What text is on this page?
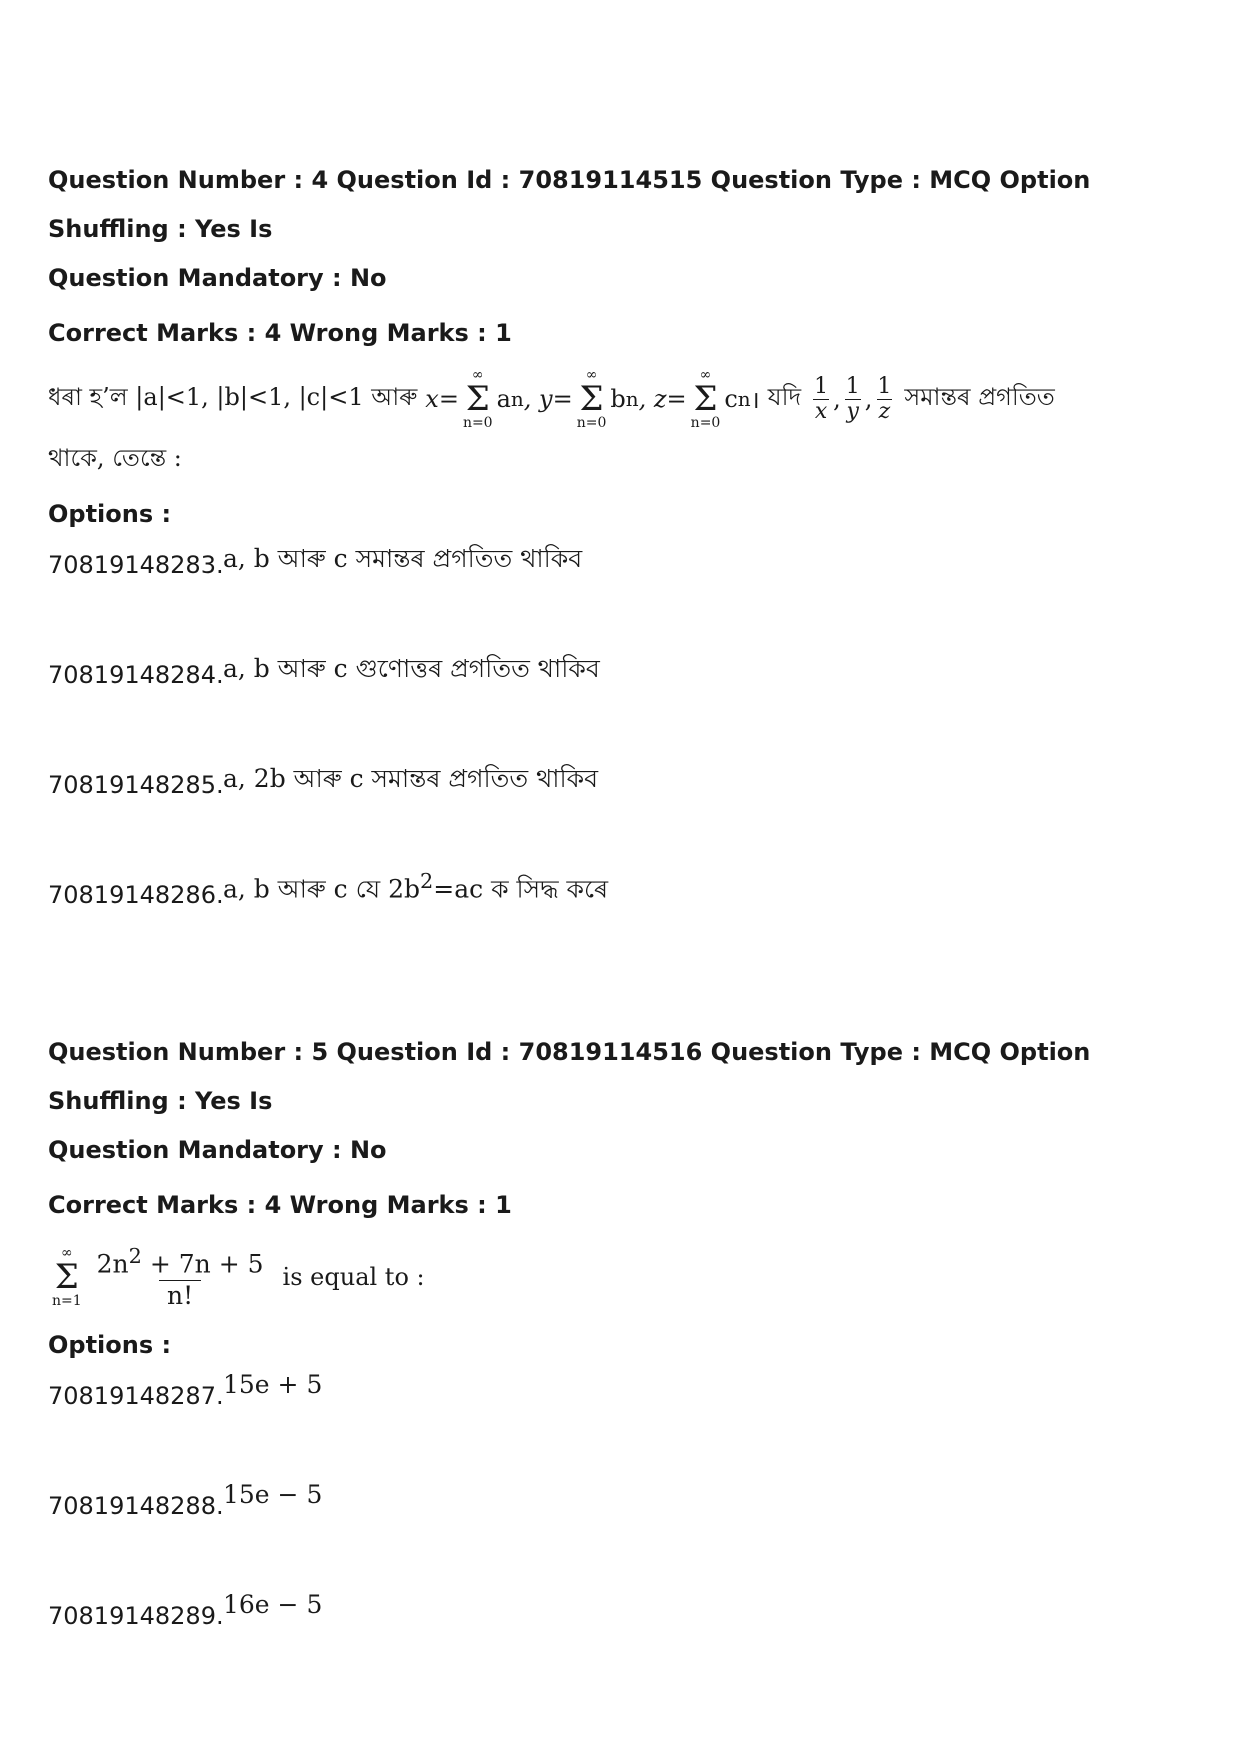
Question Number : 4 Question Id : 70819114515 Question Type : MCQ Option Shuffling : Yes Is

Question Mandatory : No

Correct Marks : 4 Wrong Marks : 1

ধৰা হ’ল |a|<1, |b|<1, |c|<1 আৰু x=
∞
Σ
n=0
a n , y=
∞
Σ
n=0
b n , z=
∞
Σ
n=0
c n । যদি $\frac{1}{x}$ , $\frac{1}{y}$ , $\frac{1}{z}$ সমান্তৰ প্ৰগতিত
থাকে, তেন্তে :

Options :

70819148283. a, b আৰু c সমান্তৰ প্ৰগতিত থাকিব
70819148284. a, b আৰু c গুণোত্তৰ প্ৰগতিত থাকিব
70819148285. a, 2b আৰু c সমান্তৰ প্ৰগতিত থাকিব
70819148286. a, b আৰু c যে $2b^2=ac$ ক সিদ্ধ কৰে

Question Number : 5 Question Id : 70819114516 Question Type : MCQ Option Shuffling : Yes Is

Question Mandatory : No

Correct Marks : 4 Wrong Marks : 1

∞
Σ
$n=1 \frac{2n^2 + 7n + 5}{n!}$ is equal to :

Options :

70819148287. 15e + 5
70819148288. 15e − 5
70819148289. 16e − 5
